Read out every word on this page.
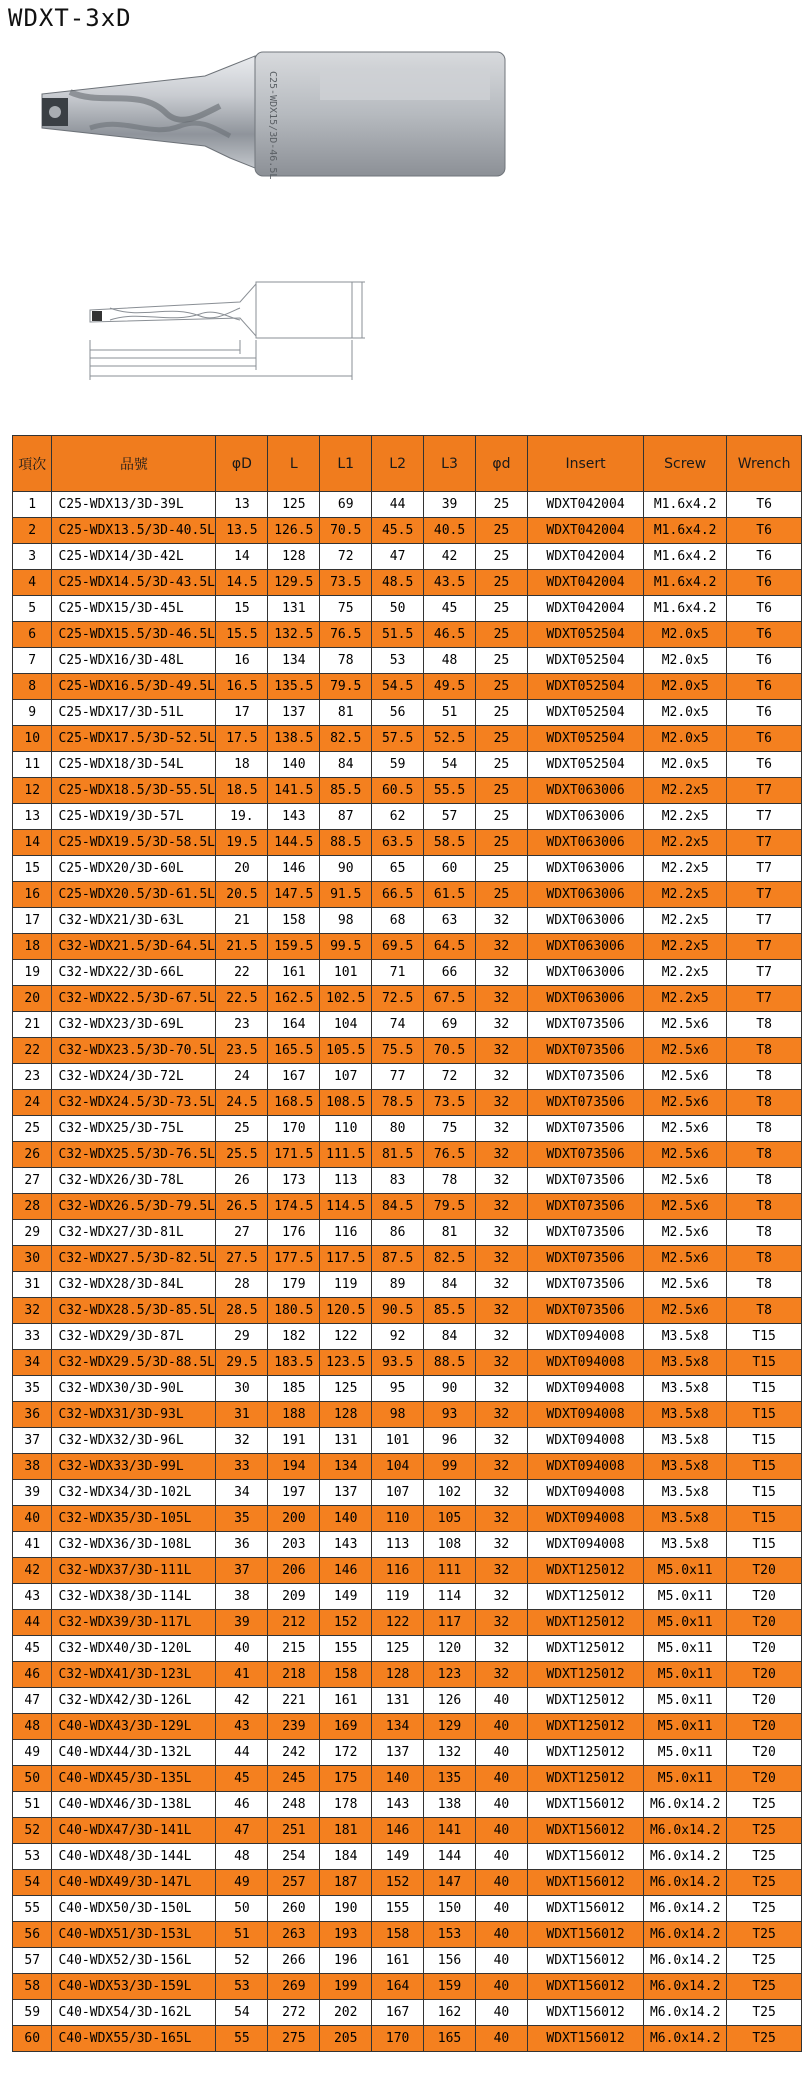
WDXT-3xD
C25-WDX15/3D-46.5L
項次	品號	φD	L	L1	L2	L3	φd	Insert	Screw	Wrench
1	C25-WDX13/3D-39L	13	125	69	44	39	25	WDXT042004	M1.6x4.2	T6
2	C25-WDX13.5/3D-40.5L	13.5	126.5	70.5	45.5	40.5	25	WDXT042004	M1.6x4.2	T6
3	C25-WDX14/3D-42L	14	128	72	47	42	25	WDXT042004	M1.6x4.2	T6
4	C25-WDX14.5/3D-43.5L	14.5	129.5	73.5	48.5	43.5	25	WDXT042004	M1.6x4.2	T6
5	C25-WDX15/3D-45L	15	131	75	50	45	25	WDXT042004	M1.6x4.2	T6
6	C25-WDX15.5/3D-46.5L	15.5	132.5	76.5	51.5	46.5	25	WDXT052504	M2.0x5	T6
7	C25-WDX16/3D-48L	16	134	78	53	48	25	WDXT052504	M2.0x5	T6
8	C25-WDX16.5/3D-49.5L	16.5	135.5	79.5	54.5	49.5	25	WDXT052504	M2.0x5	T6
9	C25-WDX17/3D-51L	17	137	81	56	51	25	WDXT052504	M2.0x5	T6
10	C25-WDX17.5/3D-52.5L	17.5	138.5	82.5	57.5	52.5	25	WDXT052504	M2.0x5	T6
11	C25-WDX18/3D-54L	18	140	84	59	54	25	WDXT052504	M2.0x5	T6
12	C25-WDX18.5/3D-55.5L	18.5	141.5	85.5	60.5	55.5	25	WDXT063006	M2.2x5	T7
13	C25-WDX19/3D-57L	19.	143	87	62	57	25	WDXT063006	M2.2x5	T7
14	C25-WDX19.5/3D-58.5L	19.5	144.5	88.5	63.5	58.5	25	WDXT063006	M2.2x5	T7
15	C25-WDX20/3D-60L	20	146	90	65	60	25	WDXT063006	M2.2x5	T7
16	C25-WDX20.5/3D-61.5L	20.5	147.5	91.5	66.5	61.5	25	WDXT063006	M2.2x5	T7
17	C32-WDX21/3D-63L	21	158	98	68	63	32	WDXT063006	M2.2x5	T7
18	C32-WDX21.5/3D-64.5L	21.5	159.5	99.5	69.5	64.5	32	WDXT063006	M2.2x5	T7
19	C32-WDX22/3D-66L	22	161	101	71	66	32	WDXT063006	M2.2x5	T7
20	C32-WDX22.5/3D-67.5L	22.5	162.5	102.5	72.5	67.5	32	WDXT063006	M2.2x5	T7
21	C32-WDX23/3D-69L	23	164	104	74	69	32	WDXT073506	M2.5x6	T8
22	C32-WDX23.5/3D-70.5L	23.5	165.5	105.5	75.5	70.5	32	WDXT073506	M2.5x6	T8
23	C32-WDX24/3D-72L	24	167	107	77	72	32	WDXT073506	M2.5x6	T8
24	C32-WDX24.5/3D-73.5L	24.5	168.5	108.5	78.5	73.5	32	WDXT073506	M2.5x6	T8
25	C32-WDX25/3D-75L	25	170	110	80	75	32	WDXT073506	M2.5x6	T8
26	C32-WDX25.5/3D-76.5L	25.5	171.5	111.5	81.5	76.5	32	WDXT073506	M2.5x6	T8
27	C32-WDX26/3D-78L	26	173	113	83	78	32	WDXT073506	M2.5x6	T8
28	C32-WDX26.5/3D-79.5L	26.5	174.5	114.5	84.5	79.5	32	WDXT073506	M2.5x6	T8
29	C32-WDX27/3D-81L	27	176	116	86	81	32	WDXT073506	M2.5x6	T8
30	C32-WDX27.5/3D-82.5L	27.5	177.5	117.5	87.5	82.5	32	WDXT073506	M2.5x6	T8
31	C32-WDX28/3D-84L	28	179	119	89	84	32	WDXT073506	M2.5x6	T8
32	C32-WDX28.5/3D-85.5L	28.5	180.5	120.5	90.5	85.5	32	WDXT073506	M2.5x6	T8
33	C32-WDX29/3D-87L	29	182	122	92	84	32	WDXT094008	M3.5x8	T15
34	C32-WDX29.5/3D-88.5L	29.5	183.5	123.5	93.5	88.5	32	WDXT094008	M3.5x8	T15
35	C32-WDX30/3D-90L	30	185	125	95	90	32	WDXT094008	M3.5x8	T15
36	C32-WDX31/3D-93L	31	188	128	98	93	32	WDXT094008	M3.5x8	T15
37	C32-WDX32/3D-96L	32	191	131	101	96	32	WDXT094008	M3.5x8	T15
38	C32-WDX33/3D-99L	33	194	134	104	99	32	WDXT094008	M3.5x8	T15
39	C32-WDX34/3D-102L	34	197	137	107	102	32	WDXT094008	M3.5x8	T15
40	C32-WDX35/3D-105L	35	200	140	110	105	32	WDXT094008	M3.5x8	T15
41	C32-WDX36/3D-108L	36	203	143	113	108	32	WDXT094008	M3.5x8	T15
42	C32-WDX37/3D-111L	37	206	146	116	111	32	WDXT125012	M5.0x11	T20
43	C32-WDX38/3D-114L	38	209	149	119	114	32	WDXT125012	M5.0x11	T20
44	C32-WDX39/3D-117L	39	212	152	122	117	32	WDXT125012	M5.0x11	T20
45	C32-WDX40/3D-120L	40	215	155	125	120	32	WDXT125012	M5.0x11	T20
46	C32-WDX41/3D-123L	41	218	158	128	123	32	WDXT125012	M5.0x11	T20
47	C32-WDX42/3D-126L	42	221	161	131	126	40	WDXT125012	M5.0x11	T20
48	C40-WDX43/3D-129L	43	239	169	134	129	40	WDXT125012	M5.0x11	T20
49	C40-WDX44/3D-132L	44	242	172	137	132	40	WDXT125012	M5.0x11	T20
50	C40-WDX45/3D-135L	45	245	175	140	135	40	WDXT125012	M5.0x11	T20
51	C40-WDX46/3D-138L	46	248	178	143	138	40	WDXT156012	M6.0x14.2	T25
52	C40-WDX47/3D-141L	47	251	181	146	141	40	WDXT156012	M6.0x14.2	T25
53	C40-WDX48/3D-144L	48	254	184	149	144	40	WDXT156012	M6.0x14.2	T25
54	C40-WDX49/3D-147L	49	257	187	152	147	40	WDXT156012	M6.0x14.2	T25
55	C40-WDX50/3D-150L	50	260	190	155	150	40	WDXT156012	M6.0x14.2	T25
56	C40-WDX51/3D-153L	51	263	193	158	153	40	WDXT156012	M6.0x14.2	T25
57	C40-WDX52/3D-156L	52	266	196	161	156	40	WDXT156012	M6.0x14.2	T25
58	C40-WDX53/3D-159L	53	269	199	164	159	40	WDXT156012	M6.0x14.2	T25
59	C40-WDX54/3D-162L	54	272	202	167	162	40	WDXT156012	M6.0x14.2	T25
60	C40-WDX55/3D-165L	55	275	205	170	165	40	WDXT156012	M6.0x14.2	T25
